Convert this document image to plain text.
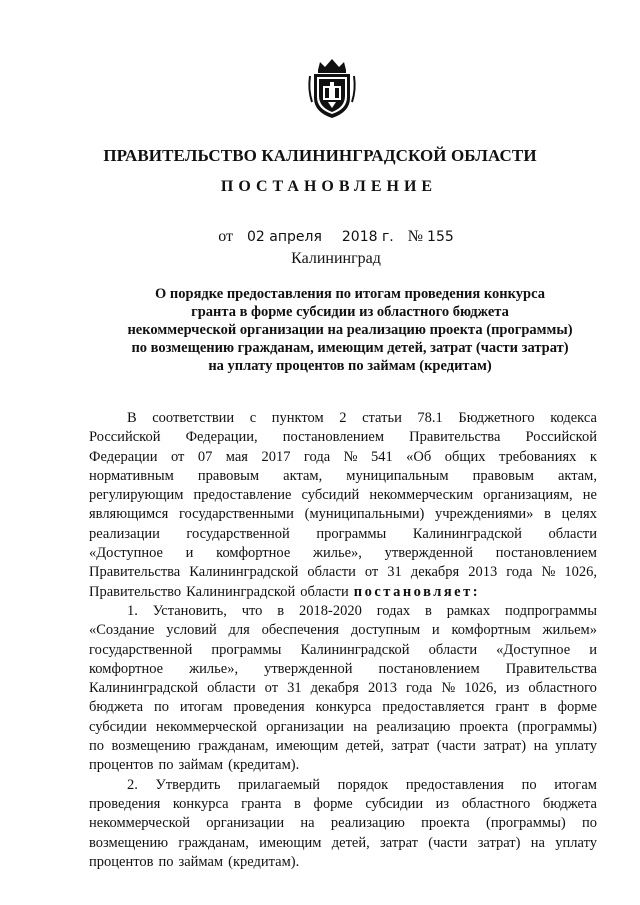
ПРАВИТЕЛЬСТВО КАЛИНИНГРАДСКОЙ ОБЛАСТИ
ПОСТАНОВЛЕНИЕ
от 02 апреля 2018 г. № 155
Калининград
О порядке предоставления по итогам проведения конкурса
гранта в форме субсидии из областного бюджета
некоммерческой организации на реализацию проекта (программы)
по возмещению гражданам, имеющим детей, затрат (части затрат)
на уплату процентов по займам (кредитам)
В соответствии с пунктом 2 статьи 78.1 Бюджетного кодекса
Российской Федерации, постановлением Правительства Российской
Федерации от 07 мая 2017 года № 541 «Об общих требованиях к
нормативным правовым актам, муниципальным правовым актам,
регулирующим предоставление субсидий некоммерческим организациям, не
являющимся государственными (муниципальными) учреждениями» в целях
реализации государственной программы Калининградской области
«Доступное и комфортное жилье», утвержденной постановлением
Правительства Калининградской области от 31 декабря 2013 года № 1026,
Правительство Калининградской области постановляет:
1. Установить, что в 2018-2020 годах в рамках подпрограммы
«Создание условий для обеспечения доступным и комфортным жильем»
государственной программы Калининградской области «Доступное и
комфортное жилье», утвержденной постановлением Правительства
Калининградской области от 31 декабря 2013 года № 1026, из областного
бюджета по итогам проведения конкурса предоставляется грант в форме
субсидии некоммерческой организации на реализацию проекта (программы)
по возмещению гражданам, имеющим детей, затрат (части затрат) на уплату
процентов по займам (кредитам).
2. Утвердить прилагаемый порядок предоставления по итогам
проведения конкурса гранта в форме субсидии из областного бюджета
некоммерческой организации на реализацию проекта (программы) по
возмещению гражданам, имеющим детей, затрат (части затрат) на уплату
процентов по займам (кредитам).
